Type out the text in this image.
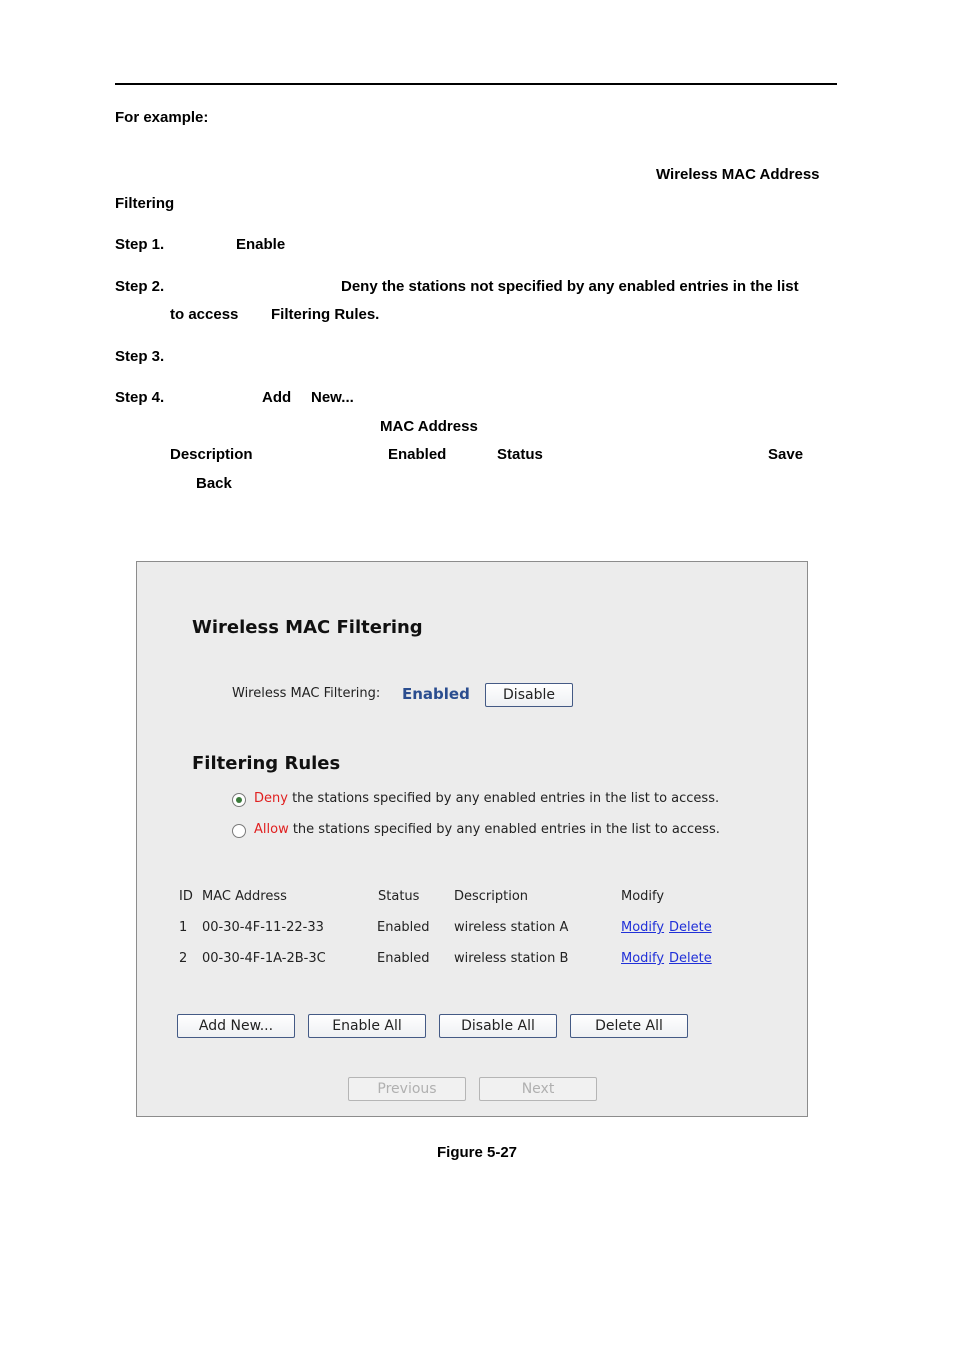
For example:
Wireless MAC Address
Filtering
Step 1.	Enable
Step 2.	Deny the stations not specified by any enabled entries in the list
to access Filtering Rules.
Step 3.
Step 4.	Add New...
MAC Address
Description	Enabled	Status	Save
Back
Wireless MAC Filtering
Wireless MAC Filtering: Enabled	Disable
Filtering Rules
Deny the stations specified by any enabled entries in the list to access.
Allow the stations specified by any enabled entries in the list to access.
ID MAC Address	Status	Description	Modify
1 00-30-4F-11-22-33	Enabled wireless station A	Modify Delete
2 00-30-4F-1A-2B-3C	Enabled wireless station B	Modify Delete
Add New...	Enable All	Disable All	Delete All
Previous	Next
Figure 5-27
